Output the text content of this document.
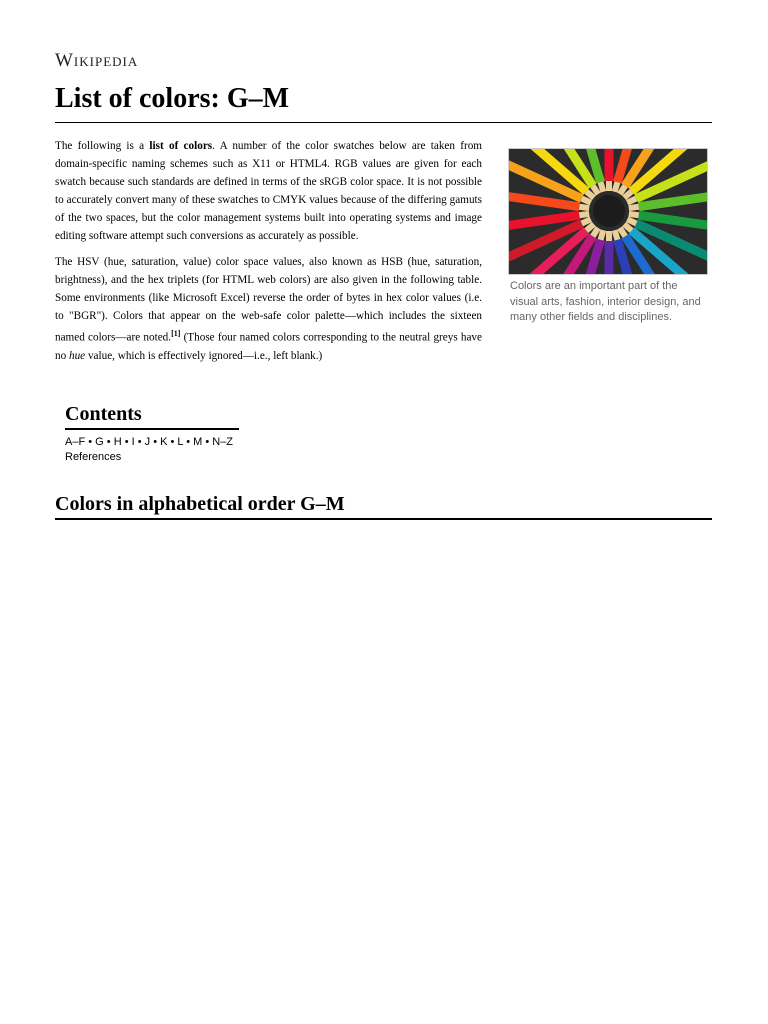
Wikipedia
List of colors: G–M

The following is a list of colors. A number of the color swatches below are taken from domain-specific naming schemes such as X11 or HTML4. RGB values are given for each swatch because such standards are defined in terms of the sRGB color space. It is not possible to accurately convert many of these swatches to CMYK values because of the differing gamuts of the two spaces, but the color management systems built into operating systems and image editing software attempt such conversions as accurately as possible.

The HSV (hue, saturation, value) color space values, also known as HSB (hue, saturation, brightness), and the hex triplets (for HTML web colors) are also given in the following table. Some environments (like Microsoft Excel) reverse the order of bytes in hex color values (i.e. to "BGR"). Colors that appear on the web-safe color palette—which includes the sixteen named colors—are noted.[1] (Those four named colors corresponding to the neutral greys have no hue value, which is effectively ignored—i.e., left blank.)

Colors are an important part of the visual arts, fashion, interior design, and many other fields and disciplines.
Contents
A–F • G • H • I • J • K • L • M • N–Z
References
Colors in alphabetical order G–M
